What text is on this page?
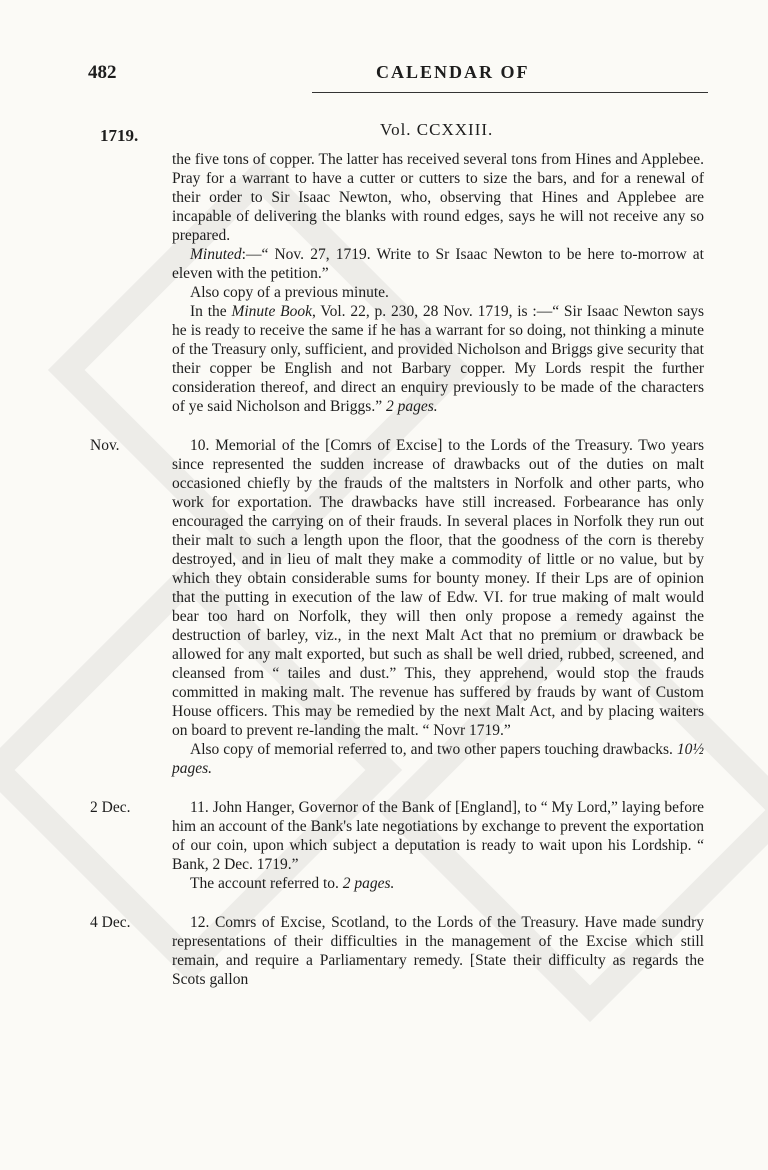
482	CALENDAR OF
Vol. CCXXIII.
1719.

the five tons of copper. The latter has received several tons from Hines and Applebee. Pray for a warrant to have a cutter or cutters to size the bars, and for a renewal of their order to Sir Isaac Newton, who, observing that Hines and Applebee are incapable of delivering the blanks with round edges, says he will not receive any so prepared.

Minuted:—“ Nov. 27, 1719. Write to Sr Isaac Newton to be here to-morrow at eleven with the petition.”

Also copy of a previous minute.

In the Minute Book, Vol. 22, p. 230, 28 Nov. 1719, is :—“ Sir Isaac Newton says he is ready to receive the same if he has a warrant for so doing, not thinking a minute of the Treasury only, sufficient, and provided Nicholson and Briggs give security that their copper be English and not Barbary copper. My Lords respit the further consideration thereof, and direct an enquiry previously to be made of the characters of ye said Nicholson and Briggs.” 2 pages.

Nov.	10. Memorial of the [Comrs of Excise] to the Lords of the Treasury. Two years since represented the sudden increase of drawbacks out of the duties on malt occasioned chiefly by the frauds of the maltsters in Norfolk and other parts, who work for exportation. The drawbacks have still increased. Forbearance has only encouraged the carrying on of their frauds. In several places in Norfolk they run out their malt to such a length upon the floor, that the goodness of the corn is thereby destroyed, and in lieu of malt they make a commodity of little or no value, but by which they obtain considerable sums for bounty money. If their Lps are of opinion that the putting in execution of the law of Edw. VI. for true making of malt would bear too hard on Norfolk, they will then only propose a remedy against the destruction of barley, viz., in the next Malt Act that no premium or drawback be allowed for any malt exported, but such as shall be well dried, rubbed, screened, and cleansed from “ tailes and dust.” This, they apprehend, would stop the frauds committed in making malt. The revenue has suffered by frauds by want of Custom House officers. This may be remedied by the next Malt Act, and by placing waiters on board to prevent re-landing the malt. “ Novr 1719.”

Also copy of memorial referred to, and two other papers touching drawbacks. 10½ pages.

2 Dec.	11. John Hanger, Governor of the Bank of [England], to “ My Lord,” laying before him an account of the Bank's late negotiations by exchange to prevent the exportation of our coin, upon which subject a deputation is ready to wait upon his Lordship. “ Bank, 2 Dec. 1719.”

The account referred to. 2 pages.

4 Dec.	12. Comrs of Excise, Scotland, to the Lords of the Treasury. Have made sundry representations of their difficulties in the management of the Excise which still remain, and require a Parliamentary remedy. [State their difficulty as regards the Scots gallon
